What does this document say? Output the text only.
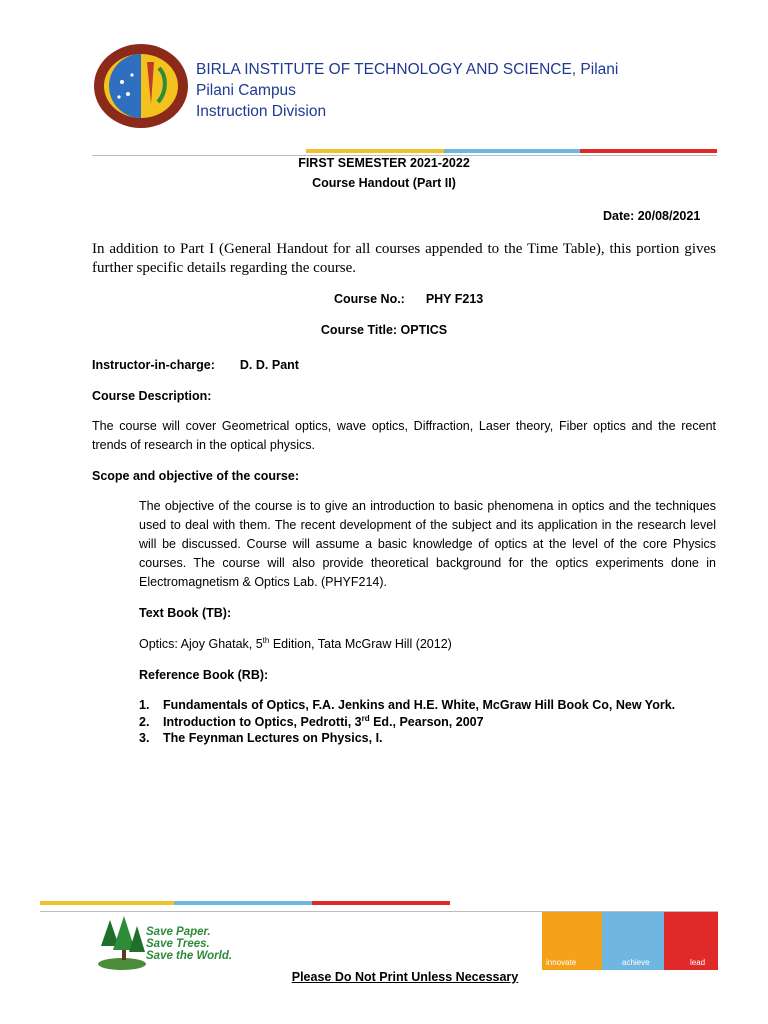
BIRLA INSTITUTE OF TECHNOLOGY AND SCIENCE, Pilani
Pilani Campus
Instruction Division
FIRST SEMESTER 2021-2022
Course Handout (Part II)
Date: 20/08/2021
In addition to Part I (General Handout for all courses appended to the Time Table), this portion gives further specific details regarding the course.
Course No.: PHY F213
Course Title: OPTICS
Instructor-in-charge: D. D. Pant
Course Description:
The course will cover Geometrical optics, wave optics, Diffraction, Laser theory, Fiber optics and the recent trends of research in the optical physics.
Scope and objective of the course:
The objective of the course is to give an introduction to basic phenomena in optics and the techniques used to deal with them. The recent development of the subject and its application in the research level will be discussed. Course will assume a basic knowledge of optics at the level of the core Physics courses. The course will also provide theoretical background for the optics experiments done in Electromagnetism & Optics Lab. (PHYF214).
Text Book (TB):
Optics: Ajoy Ghatak, 5th Edition, Tata McGraw Hill (2012)
Reference Book (RB):
1. Fundamentals of Optics, F.A. Jenkins and H.E. White, McGraw Hill Book Co, New York.
2. Introduction to Optics, Pedrotti, 3rd Ed., Pearson, 2007
3. The Feynman Lectures on Physics, I.
Save Paper.
Save Trees.
Save the World.
innovate	achieve	lead
Please Do Not Print Unless Necessary
